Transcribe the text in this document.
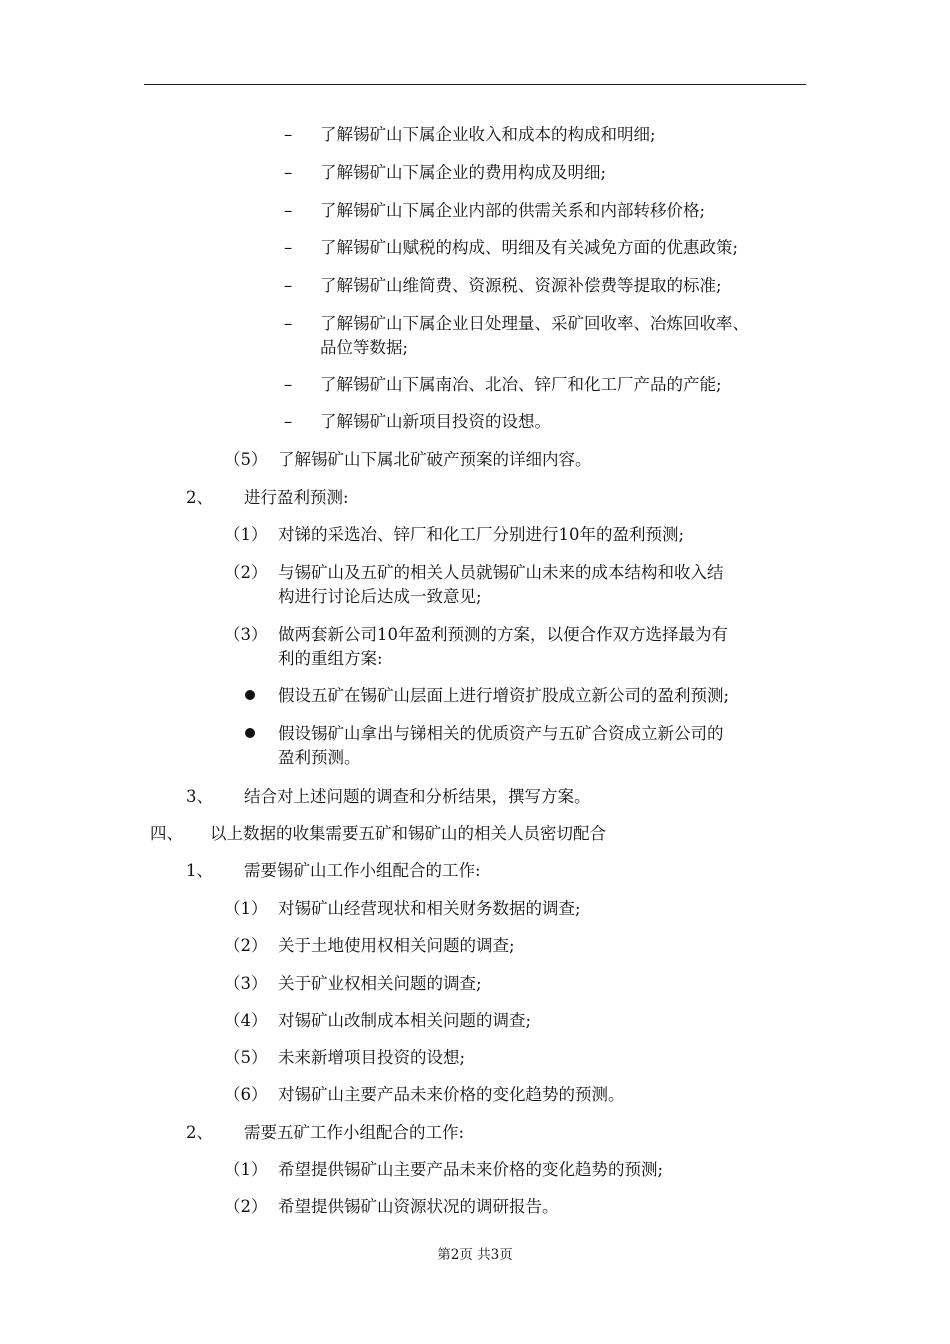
– 了解锡矿山下属企业收入和成本的构成和明细;
– 了解锡矿山下属企业的费用构成及明细;
– 了解锡矿山下属企业内部的供需关系和内部转移价格;
– 了解锡矿山赋税的构成、明细及有关减免方面的优惠政策;
– 了解锡矿山维简费、资源税、资源补偿费等提取的标准;
– 了解锡矿山下属企业日处理量、采矿回收率、冶炼回收率、
品位等数据;
– 了解锡矿山下属南冶、北冶、锌厂和化工厂产品的产能;
– 了解锡矿山新项目投资的设想。
（5） 了解锡矿山下属北矿破产预案的详细内容。
2、 进行盈利预测:
（1） 对锑的采选冶、锌厂和化工厂分别进行10年的盈利预测;
（2） 与锡矿山及五矿的相关人员就锡矿山未来的成本结构和收入结
构进行讨论后达成一致意见;
（3） 做两套新公司10年盈利预测的方案，以便合作双方选择最为有
利的重组方案:
假设五矿在锡矿山层面上进行增资扩股成立新公司的盈利预测;
假设锡矿山拿出与锑相关的优质资产与五矿合资成立新公司的
盈利预测。
3、 结合对上述问题的调查和分析结果，撰写方案。
四、 以上数据的收集需要五矿和锡矿山的相关人员密切配合
1、 需要锡矿山工作小组配合的工作:
（1） 对锡矿山经营现状和相关财务数据的调查;
（2） 关于土地使用权相关问题的调查;
（3） 关于矿业权相关问题的调查;
（4） 对锡矿山改制成本相关问题的调查;
（5） 未来新增项目投资的设想;
（6） 对锡矿山主要产品未来价格的变化趋势的预测。
2、 需要五矿工作小组配合的工作:
（1） 希望提供锡矿山主要产品未来价格的变化趋势的预测;
（2） 希望提供锡矿山资源状况的调研报告。
第2页 共3页
